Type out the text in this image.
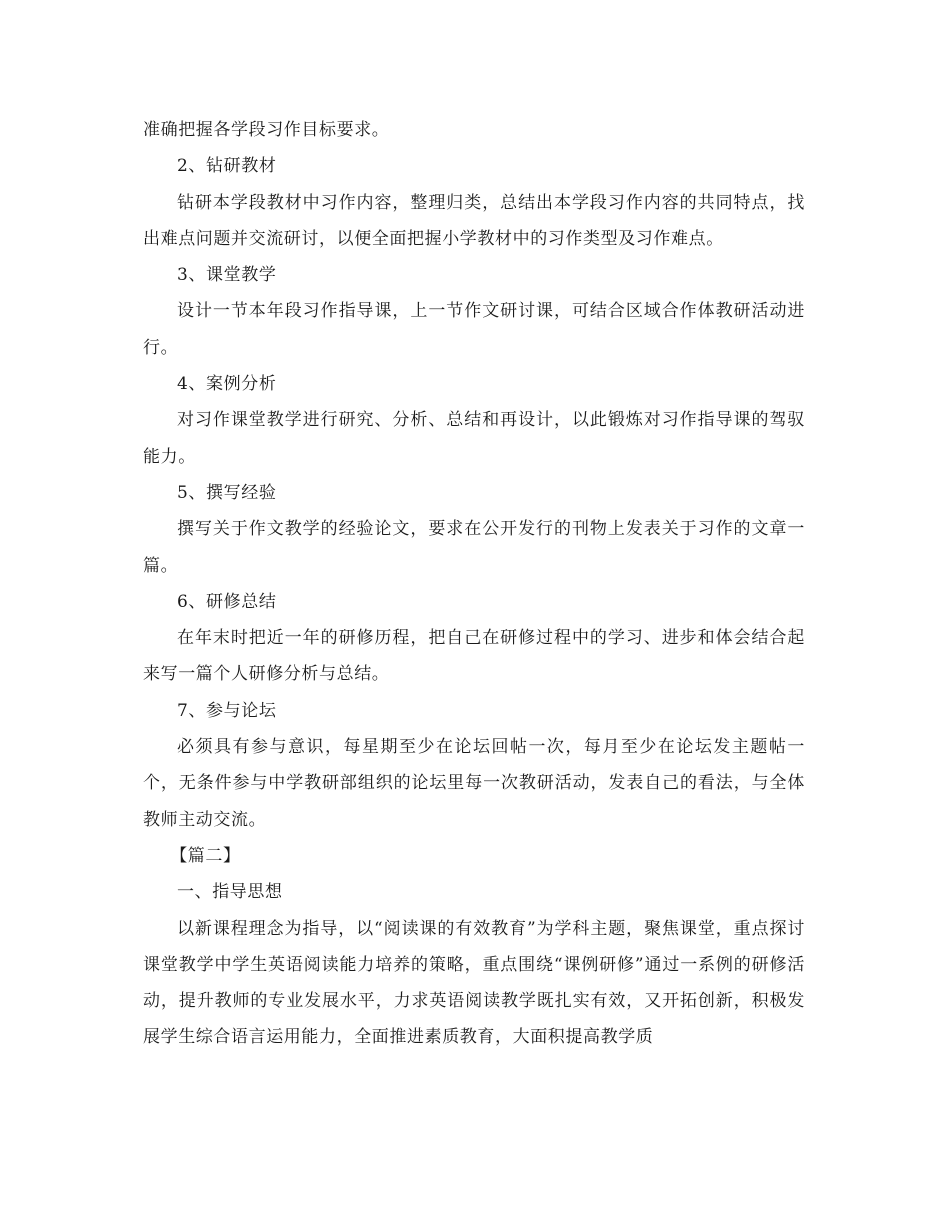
准确把握各学段习作目标要求。

2、钻研教材

钻研本学段教材中习作内容，整理归类，总结出本学段习作内容的共同特点，找出难点问题并交流研讨，以便全面把握小学教材中的习作类型及习作难点。

3、课堂教学

设计一节本年段习作指导课，上一节作文研讨课，可结合区域合作体教研活动进行。

4、案例分析

对习作课堂教学进行研究、分析、总结和再设计，以此锻炼对习作指导课的驾驭能力。

5、撰写经验

撰写关于作文教学的经验论文，要求在公开发行的刊物上发表关于习作的文章一篇。

6、研修总结

在年末时把近一年的研修历程，把自己在研修过程中的学习、进步和体会结合起来写一篇个人研修分析与总结。

7、参与论坛

必须具有参与意识，每星期至少在论坛回帖一次，每月至少在论坛发主题帖一个，无条件参与中学教研部组织的论坛里每一次教研活动，发表自己的看法，与全体教师主动交流。

【篇二】

一、指导思想

以新课程理念为指导，以“阅读课的有效教育”为学科主题，聚焦课堂，重点探讨课堂教学中学生英语阅读能力培养的策略，重点围绕“课例研修”通过一系例的研修活动，提升教师的专业发展水平，力求英语阅读教学既扎实有效，又开拓创新，积极发展学生综合语言运用能力，全面推进素质教育，大面积提高教学质
